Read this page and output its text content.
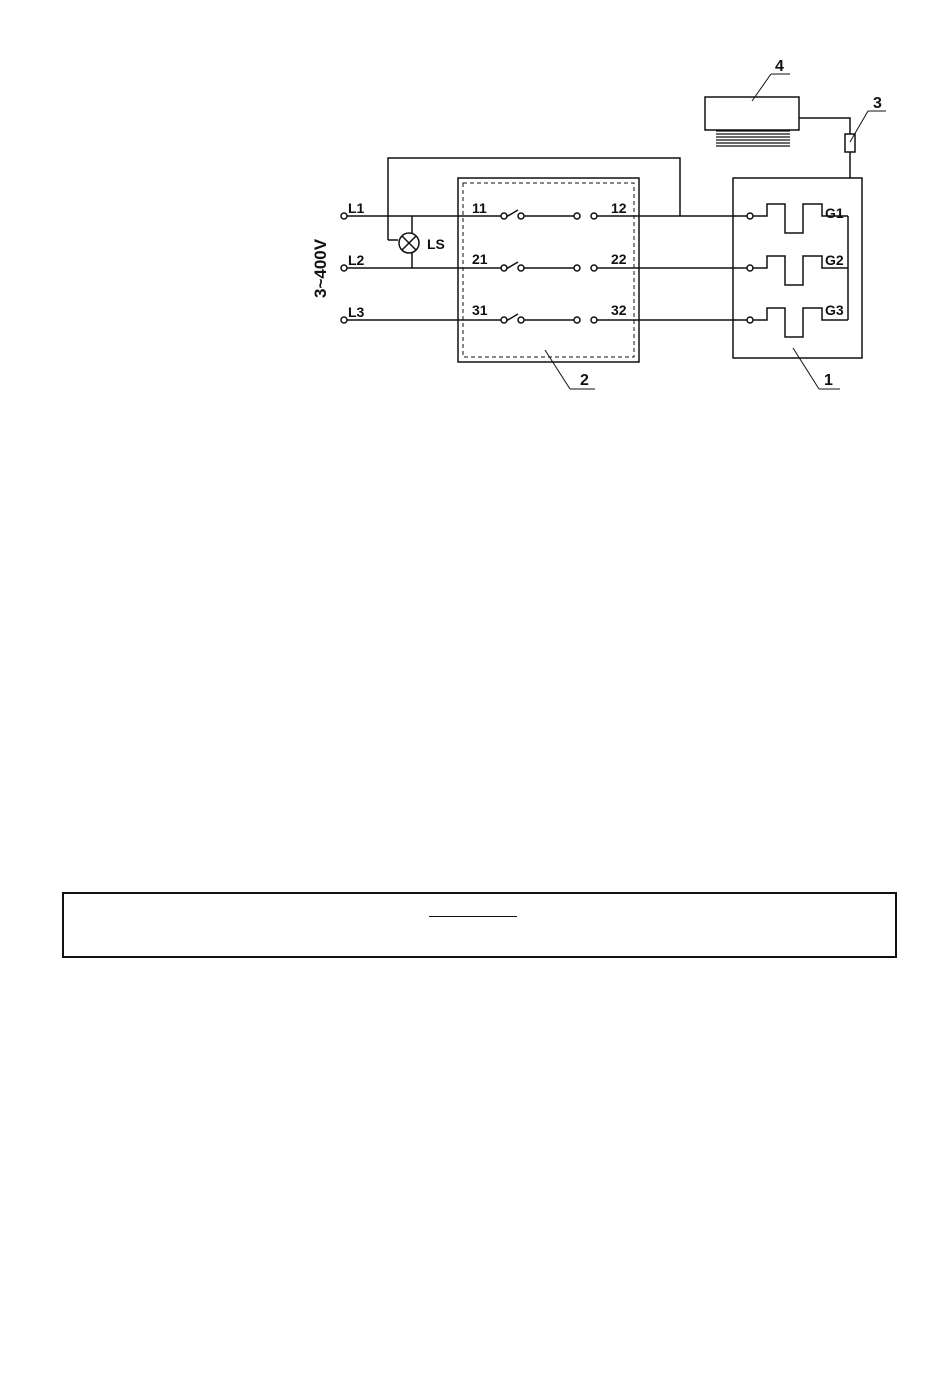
3~400V
L1
L2
L3
LS
11	12
21	22
31	32
G1
G2
G3
1
2
3
4
